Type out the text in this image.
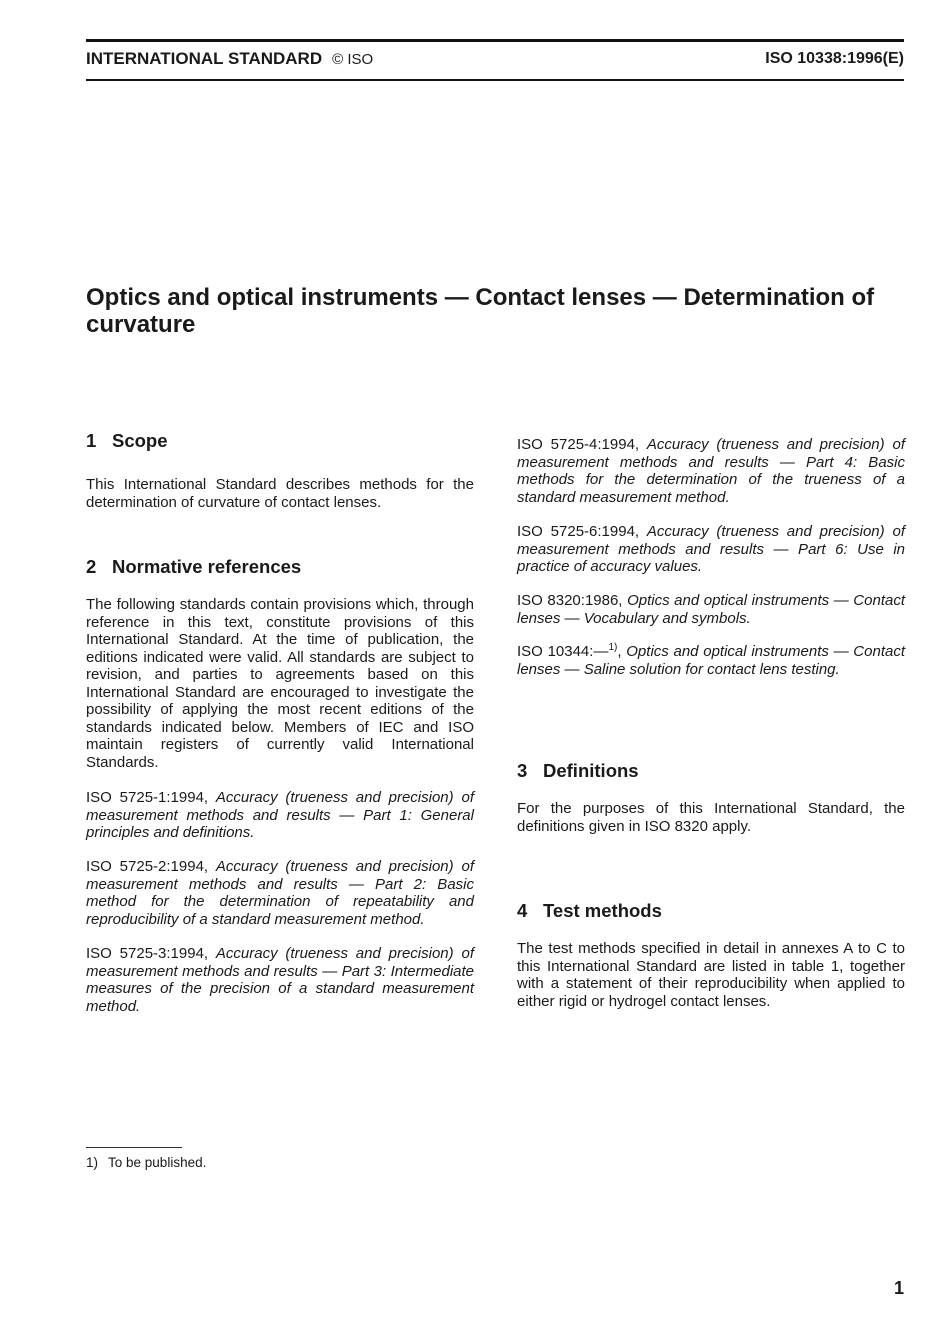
INTERNATIONAL STANDARD © ISO	ISO 10338:1996(E)
Optics and optical instruments — Contact lenses — Determination of curvature
1 Scope

This International Standard describes methods for the determination of curvature of contact lenses.

2 Normative references

The following standards contain provisions which, through reference in this text, constitute provisions of this International Standard. At the time of publication, the editions indicated were valid. All standards are subject to revision, and parties to agreements based on this International Standard are encouraged to investigate the possibility of applying the most recent editions of the standards indicated below. Members of IEC and ISO maintain registers of currently valid International Standards.

ISO 5725-1:1994, Accuracy (trueness and precision) of measurement methods and results — Part 1: General principles and definitions.

ISO 5725-2:1994, Accuracy (trueness and precision) of measurement methods and results — Part 2: Basic method for the determination of repeatability and reproducibility of a standard measurement method.

ISO 5725-3:1994, Accuracy (trueness and precision) of measurement methods and results — Part 3: Intermediate measures of the precision of a standard measurement method.

ISO 5725-4:1994, Accuracy (trueness and precision) of measurement methods and results — Part 4: Basic methods for the determination of the trueness of a standard measurement method.

ISO 5725-6:1994, Accuracy (trueness and precision) of measurement methods and results — Part 6: Use in practice of accuracy values.

ISO 8320:1986, Optics and optical instruments — Contact lenses — Vocabulary and symbols.

ISO 10344:—$^{1)}$, Optics and optical instruments — Contact lenses — Saline solution for contact lens testing.

3 Definitions

For the purposes of this International Standard, the definitions given in ISO 8320 apply.

4 Test methods

The test methods specified in detail in annexes A to C to this International Standard are listed in table 1, together with a statement of their reproducibility when applied to either rigid or hydrogel contact lenses.

1) To be published.
1
